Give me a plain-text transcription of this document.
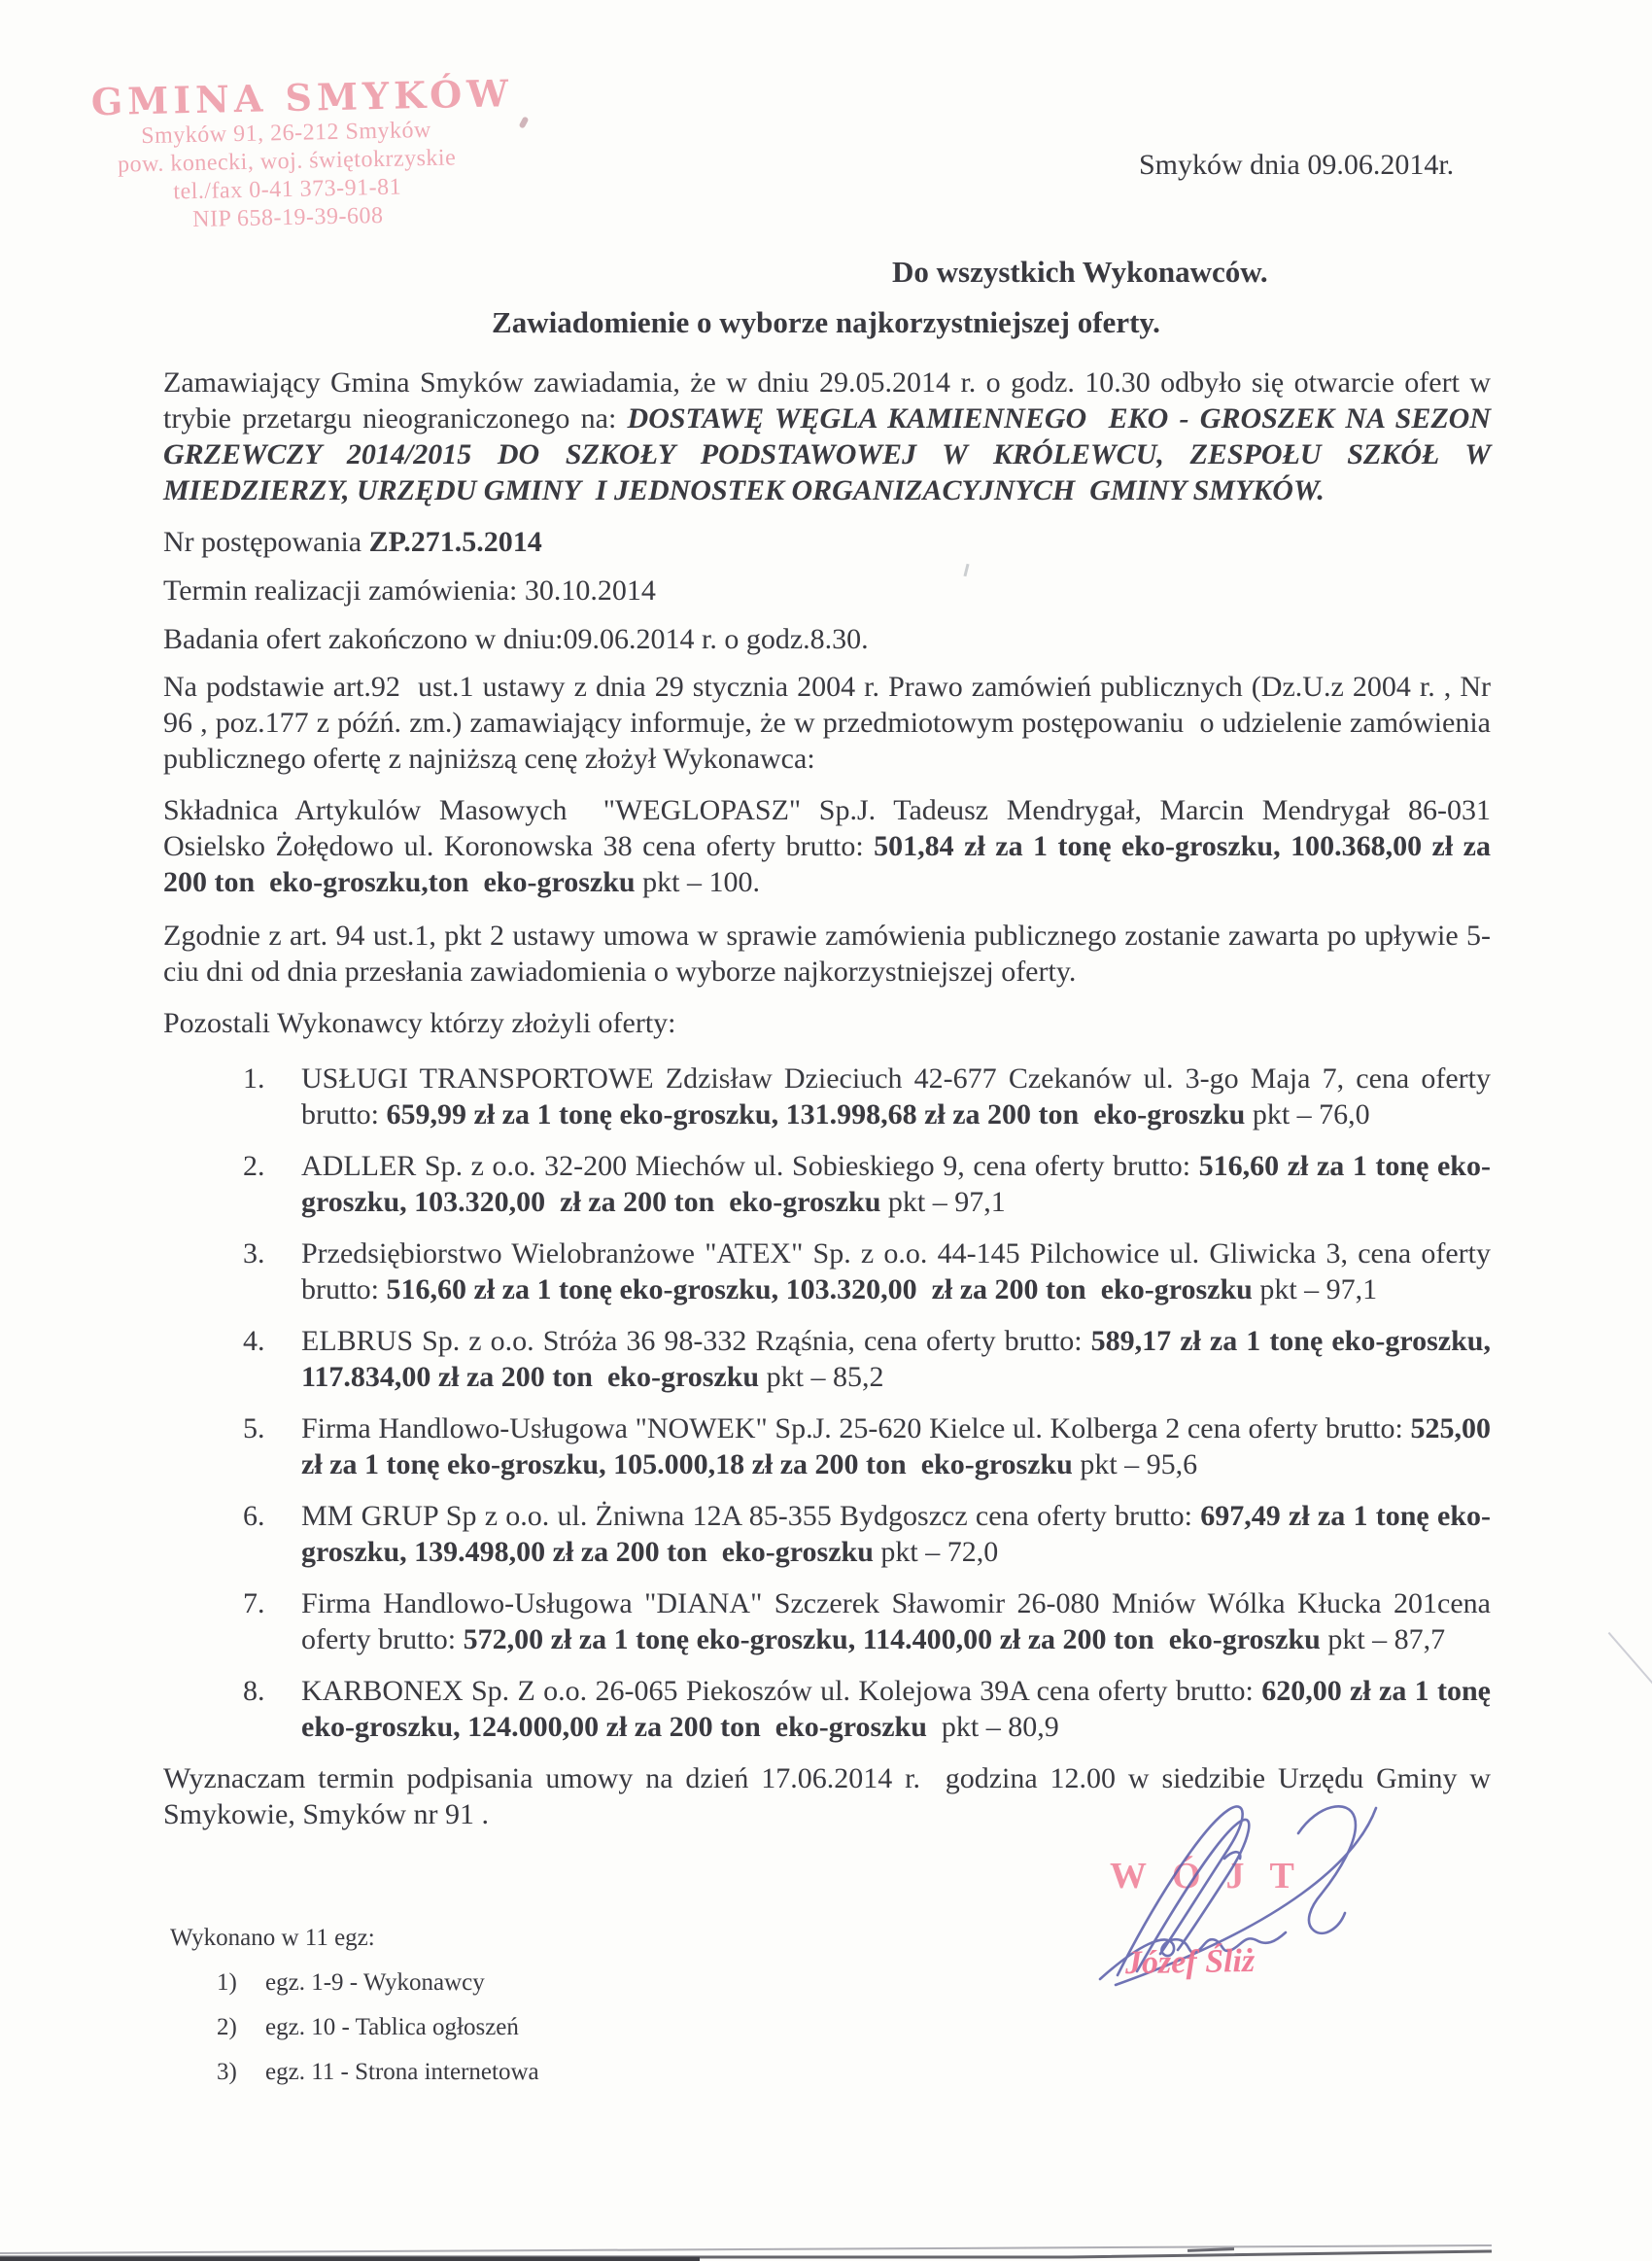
GMINA SMYKÓW
Smyków 91, 26-212 Smyków
pow. konecki, woj. świętokrzyskie
tel./fax 0-41 373-91-81
NIP 658-19-39-608
Smyków dnia 09.06.2014r.
Do wszystkich Wykonawców.
Zawiadomienie o wyborze najkorzystniejszej oferty.

Zamawiający Gmina Smyków zawiadamia, że w dniu 29.05.2014 r. o godz. 10.30 odbyło się otwarcie ofert w trybie przetargu nieograniczonego na: DOSTAWĘ WĘGLA KAMIENNEGO  EKO - GROSZEK NA SEZON GRZEWCZY 2014/2015 DO SZKOŁY PODSTAWOWEJ W KRÓLEWCU, ZESPOŁU SZKÓŁ W MIEDZIERZY, URZĘDU GMINY  I JEDNOSTEK ORGANIZACYJNYCH  GMINY SMYKÓW.

Nr postępowania ZP.271.5.2014

Termin realizacji zamówienia: 30.10.2014

Badania ofert zakończono w dniu:09.06.2014 r. o godz.8.30.

Na podstawie art.92  ust.1 ustawy z dnia 29 stycznia 2004 r. Prawo zamówień publicznych (Dz.U.z 2004 r. , Nr 96 , poz.177 z późń. zm.) zamawiający informuje, że w przedmiotowym postępowaniu  o udzielenie zamówienia publicznego ofertę z najniższą cenę złożył Wykonawca:

Składnica Artykulów Masowych  "WEGLOPASZ" Sp.J. Tadeusz Mendrygał, Marcin Mendrygał 86-031 Osielsko Żołędowo ul. Koronowska 38 cena oferty brutto: 501,84 zł za 1 tonę eko-groszku, 100.368,00 zł za 200 ton  eko-groszku,ton  eko-groszku pkt – 100.

Zgodnie z art. 94 ust.1, pkt 2 ustawy umowa w sprawie zamówienia publicznego zostanie zawarta po upływie 5-ciu dni od dnia przesłania zawiadomienia o wyborze najkorzystniejszej oferty.

Pozostali Wykonawcy którzy złożyli oferty:

1. USŁUGI TRANSPORTOWE Zdzisław Dzieciuch 42-677 Czekanów ul. 3-go Maja 7, cena oferty brutto: 659,99 zł za 1 tonę eko-groszku, 131.998,68 zł za 200 ton  eko-groszku pkt – 76,0
2. ADLLER Sp. z o.o. 32-200 Miechów ul. Sobieskiego 9, cena oferty brutto: 516,60 zł za 1 tonę eko-groszku, 103.320,00  zł za 200 ton  eko-groszku pkt – 97,1
3. Przedsiębiorstwo Wielobranżowe "ATEX" Sp. z o.o. 44-145 Pilchowice ul. Gliwicka 3, cena oferty brutto: 516,60 zł za 1 tonę eko-groszku, 103.320,00  zł za 200 ton  eko-groszku pkt – 97,1
4. ELBRUS Sp. z o.o. Stróża 36 98-332 Rząśnia, cena oferty brutto: 589,17 zł za 1 tonę eko-groszku, 117.834,00 zł za 200 ton  eko-groszku pkt – 85,2
5. Firma Handlowo-Usługowa "NOWEK" Sp.J. 25-620 Kielce ul. Kolberga 2 cena oferty brutto: 525,00 zł za 1 tonę eko-groszku, 105.000,18 zł za 200 ton  eko-groszku pkt – 95,6
6. MM GRUP Sp z o.o. ul. Żniwna 12A 85-355 Bydgoszcz cena oferty brutto: 697,49 zł za 1 tonę eko-groszku, 139.498,00 zł za 200 ton  eko-groszku pkt – 72,0
7. Firma Handlowo-Usługowa "DIANA" Szczerek Sławomir 26-080 Mniów Wólka Kłucka 201cena oferty brutto: 572,00 zł za 1 tonę eko-groszku, 114.400,00 zł za 200 ton  eko-groszku pkt – 87,7
8. KARBONEX Sp. Z o.o. 26-065 Piekoszów ul. Kolejowa 39A cena oferty brutto: 620,00 zł za 1 tonę eko-groszku, 124.000,00 zł za 200 ton  eko-groszku  pkt – 80,9

Wyznaczam termin podpisania umowy na dzień 17.06.2014 r.  godzina 12.00 w siedzibie Urzędu Gminy w Smykowie, Smyków nr 91 .

WÓJT
Józef Śliż
Wykonano w 11 egz:
1) egz. 1-9 - Wykonawcy
2) egz. 10 - Tablica ogłoszeń
3) egz. 11 - Strona internetowa
